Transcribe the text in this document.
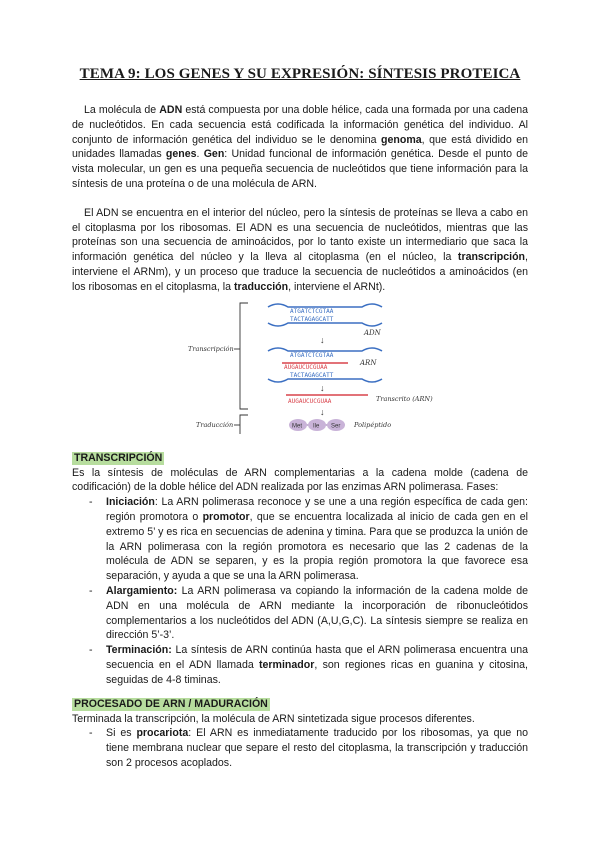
TEMA 9: LOS GENES Y SU EXPRESIÓN: SÍNTESIS PROTEICA

La molécula de ADN está compuesta por una doble hélice, cada una formada por una cadena de nucleótidos. En cada secuencia está codificada la información genética del individuo. Al conjunto de información genética del individuo se le denomina genoma, que está dividido en unidades llamadas genes. Gen: Unidad funcional de información genética. Desde el punto de vista molecular, un gen es una pequeña secuencia de nucleótidos que tiene información para la síntesis de una proteína o de una molécula de ARN.

El ADN se encuentra en el interior del núcleo, pero la síntesis de proteínas se lleva a cabo en el citoplasma por los ribosomas. El ADN es una secuencia de nucleótidos, mientras que las proteínas son una secuencia de aminoácidos, por lo tanto existe un intermediario que saca la información genética del núcleo y la lleva al citoplasma (en el núcleo, la transcripción, interviene el ARNm), y un proceso que traduce la secuencia de nucleótidos a aminoácidos (en los ribosomas en el citoplasma, la traducción, interviene el ARNt).

ATGATCTCGTAA
TACTAGAGCATT
ADN
↓
ATGATCTCGTAA
AUGAUCUCGUAA
TACTAGAGCATT
ARN
↓
AUGAUCUCGUAA	Transcrito (ARN)
↓
Met Ile Ser Polipéptido
Transcripción
Traducción
TRANSCRIPCIÓN

Es la síntesis de moléculas de ARN complementarias a la cadena molde (cadena de codificación) de la doble hélice del ADN realizada por las enzimas ARN polimerasa. Fases:

- Iniciación: La ARN polimerasa reconoce y se une a una región específica de cada gen: región promotora o promotor, que se encuentra localizada al inicio de cada gen en el extremo 5’ y es rica en secuencias de adenina y timina. Para que se produzca la unión de la ARN polimerasa con la región promotora es necesario que las 2 cadenas de la molécula de ADN se separen, y es la propia región promotora la que favorece esa separación, y ayuda a que se una la ARN polimerasa.
- Alargamiento: La ARN polimerasa va copiando la información de la cadena molde de ADN en una molécula de ARN mediante la incorporación de ribonucleótidos complementarios a los nucleótidos del ADN (A,U,G,C). La síntesis siempre se realiza en dirección 5’-3’.
- Terminación: La síntesis de ARN continúa hasta que el ARN polimerasa encuentra una secuencia en el ADN llamada terminador, son regiones ricas en guanina y citosina, seguidas de 4-8 timinas.
PROCESADO DE ARN / MADURACIÓN

Terminada la transcripción, la molécula de ARN sintetizada sigue procesos diferentes.

- Si es procariota: El ARN es inmediatamente traducido por los ribosomas, ya que no tiene membrana nuclear que separe el resto del citoplasma, la transcripción y traducción son 2 procesos acoplados.
